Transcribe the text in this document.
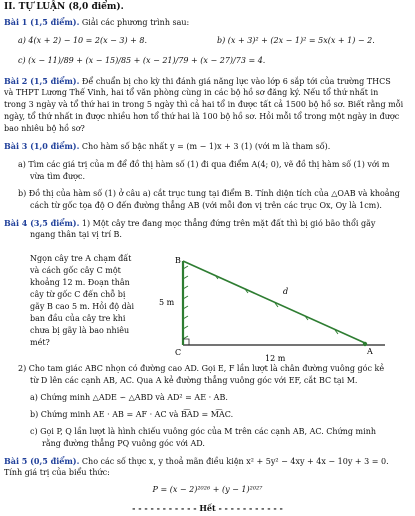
II. TỰ LUẬN (8,0 điểm).
Bài 1 (1,5 điểm). Giải các phương trình sau:
a) 4(x + 2) − 10 = 2(x − 3) + 8.	b) (x + 3)² + (2x − 1)² = 5x(x + 1) − 2.
c) (x − 11)/89 + (x − 15)/85 + (x − 21)/79 + (x − 27)/73 = 4.
Bài 2 (1,5 điểm). Để chuẩn bị cho kỳ thi đánh giá năng lực vào lớp 6 sắp tới của trường THCS
và THPT Lương Thế Vinh, hai tổ văn phòng cùng in các bộ hồ sơ đăng ký. Nếu tổ thứ nhất in
trong 3 ngày và tổ thứ hai in trong 5 ngày thì cả hai tổ in được tất cả 1500 bộ hồ sơ. Biết rằng mỗi
ngày, tổ thứ nhất in được nhiều hơn tổ thứ hai là 100 bộ hồ sơ. Hỏi mỗi tổ trong một ngày in được
bao nhiêu bộ hồ sơ?
Bài 3 (1,0 điểm). Cho hàm số bậc nhất y = (m − 1)x + 3 (1) (với m là tham số).
a) Tìm các giá trị của m để đồ thị hàm số (1) đi qua điểm A(4; 0), vẽ đồ thị hàm số (1) với m
vừa tìm được.
b) Đồ thị của hàm số (1) ở câu a) cắt trục tung tại điểm B. Tính diện tích của △OAB và khoảng
cách từ gốc tọa độ O đến đường thẳng AB (với mỗi đơn vị trên các trục Ox, Oy là 1cm).
Bài 4 (3,5 điểm). 1) Một cây tre đang mọc thẳng đứng trên mặt đất thì bị gió bão thổi gãy
ngang thân tại vị trí B.
Ngọn cây tre A chạm đất
và cách gốc cây C một
khoảng 12 m. Đoạn thân
cây từ gốc C đến chỗ bị
gãy B cao 5 m. Hỏi độ dài
ban đầu của cây tre khi
chưa bị gãy là bao nhiêu
mét?
B
C	A
d
5 m
12 m
2) Cho tam giác ABC nhọn có đường cao AD. Gọi E, F lần lượt là chân đường vuông góc kẻ
từ D lên các cạnh AB, AC. Qua A kẻ đường thẳng vuông góc với EF, cắt BC tại M.
a) Chứng minh △ADE ∽ △ABD và AD² = AE · AB.
b) Chứng minh AE · AB = AF · AC và B͡AD = M͡AC.
c) Gọi P, Q lần lượt là hình chiếu vuông góc của M trên các cạnh AB, AC. Chứng minh
rằng đường thẳng PQ vuông góc với AD.
Bài 5 (0,5 điểm). Cho các số thực x, y thoả mãn điều kiện x² + 5y² − 4xy + 4x − 10y + 3 = 0.
Tính giá trị của biểu thức:
P = (x − 2)²⁰²⁶ + (y − 1)²⁰²⁷
- - - - - - - - - - - Hết - - - - - - - - - - -
